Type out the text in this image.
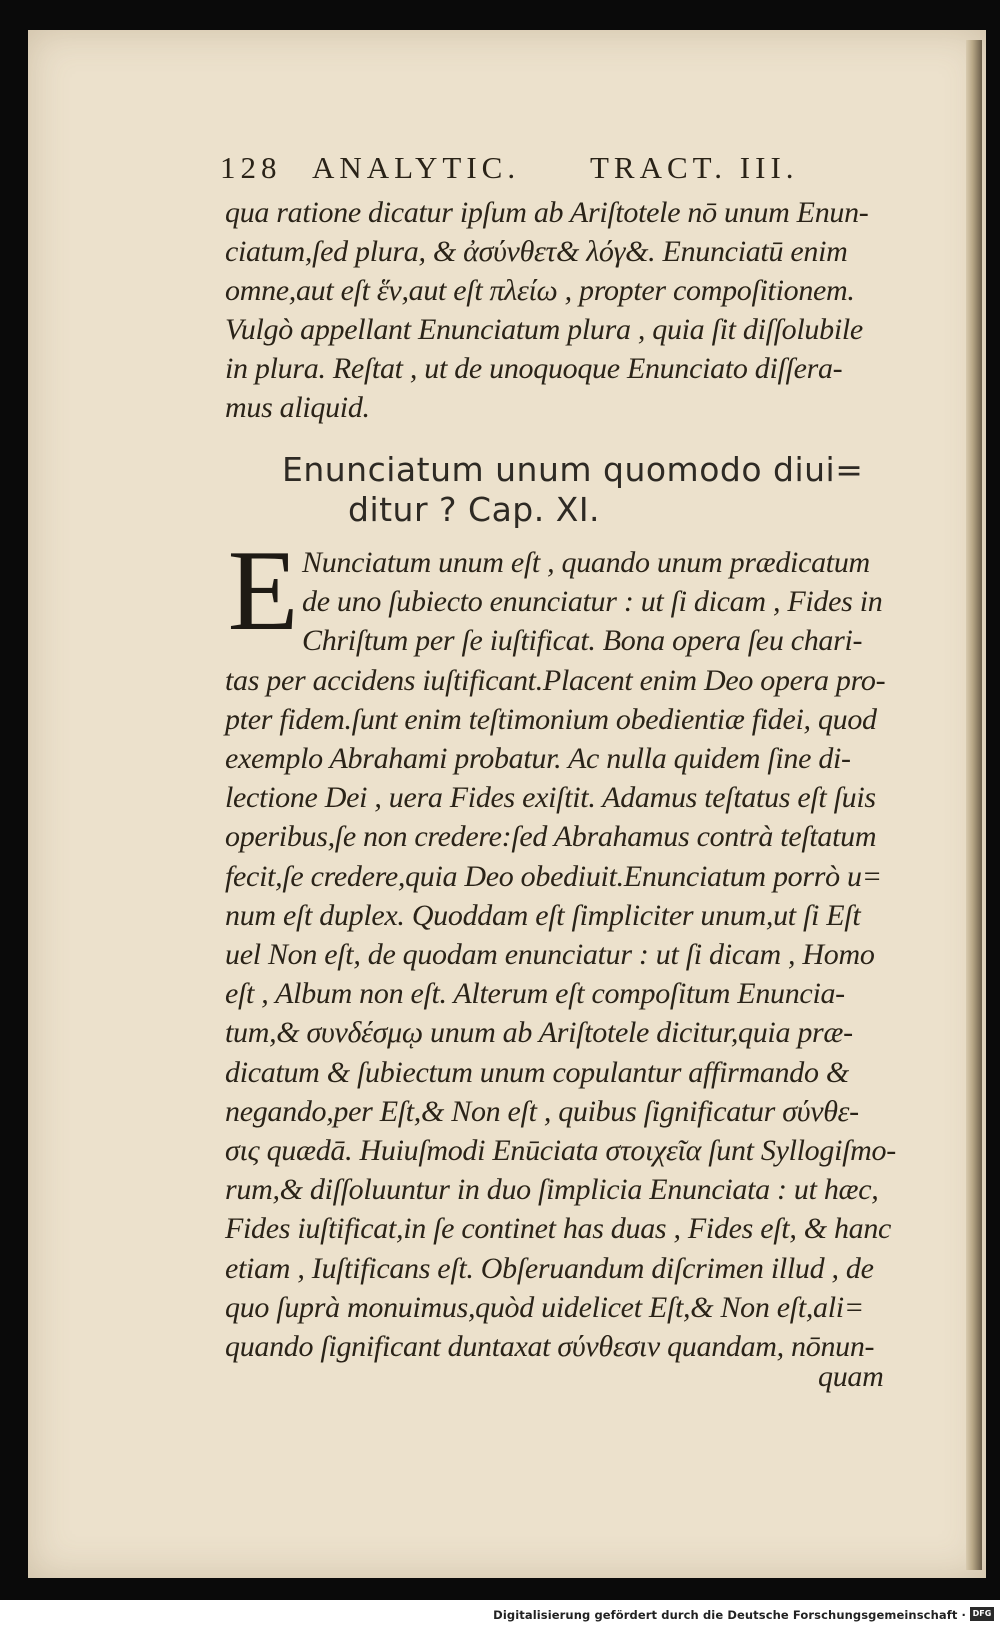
128 ANALYTIC. TRACT. III.
qua ratione dicatur ipſum ab Ariſtotele nō unum Enun-
ciatum,ſed plura, & ἀσύνθετ& λόγ&. Enunciatū enim
omne,aut eſt ἕν,aut eſt πλείω , propter compoſitionem.
Vulgò appellant Enunciatum plura , quia ſit diſſolubile
in plura. Reſtat , ut de unoquoque Enunciato diſſera-
mus aliquid.
Enunciatum unum quomodo diui=
ditur ? Cap. XI.
E Nunciatum unum eſt , quando unum prædicatum
de uno ſubiecto enunciatur : ut ſi dicam , Fides in
Chriſtum per ſe iuſtificat. Bona opera ſeu chari-
tas per accidens iuſtificant.Placent enim Deo opera pro-
pter fidem.ſunt enim teſtimonium obedientiæ fidei, quod
exemplo Abrahami probatur. Ac nulla quidem ſine di-
lectione Dei , uera Fides exiſtit. Adamus teſtatus eſt ſuis
operibus,ſe non credere:ſed Abrahamus contrà teſtatum
fecit,ſe credere,quia Deo obediuit.Enunciatum porrò u=
num eſt duplex. Quoddam eſt ſimpliciter unum,ut ſi Eſt
uel Non eſt, de quodam enunciatur : ut ſi dicam , Homo
eſt , Album non eſt. Alterum eſt compoſitum Enuncia-
tum,& συνδέσμῳ unum ab Ariſtotele dicitur,quia præ-
dicatum & ſubiectum unum copulantur affirmando &
negando,per Eſt,& Non eſt , quibus ſignificatur σύνθε-
σις quædā. Huiuſmodi Enūciata στοιχεῖα ſunt Syllogiſmo-
rum,& diſſoluuntur in duo ſimplicia Enunciata : ut hæc,
Fides iuſtificat,in ſe continet has duas , Fides eſt, & hanc
etiam , Iuſtificans eſt. Obſeruandum diſcrimen illud , de
quo ſuprà monuimus,quòd uidelicet Eſt,& Non eſt,ali=
quando ſignificant duntaxat σύνθεσιν quandam, nōnun-
quam
Digitalisierung gefördert durch die Deutsche Forschungsgemeinschaft · DFG
